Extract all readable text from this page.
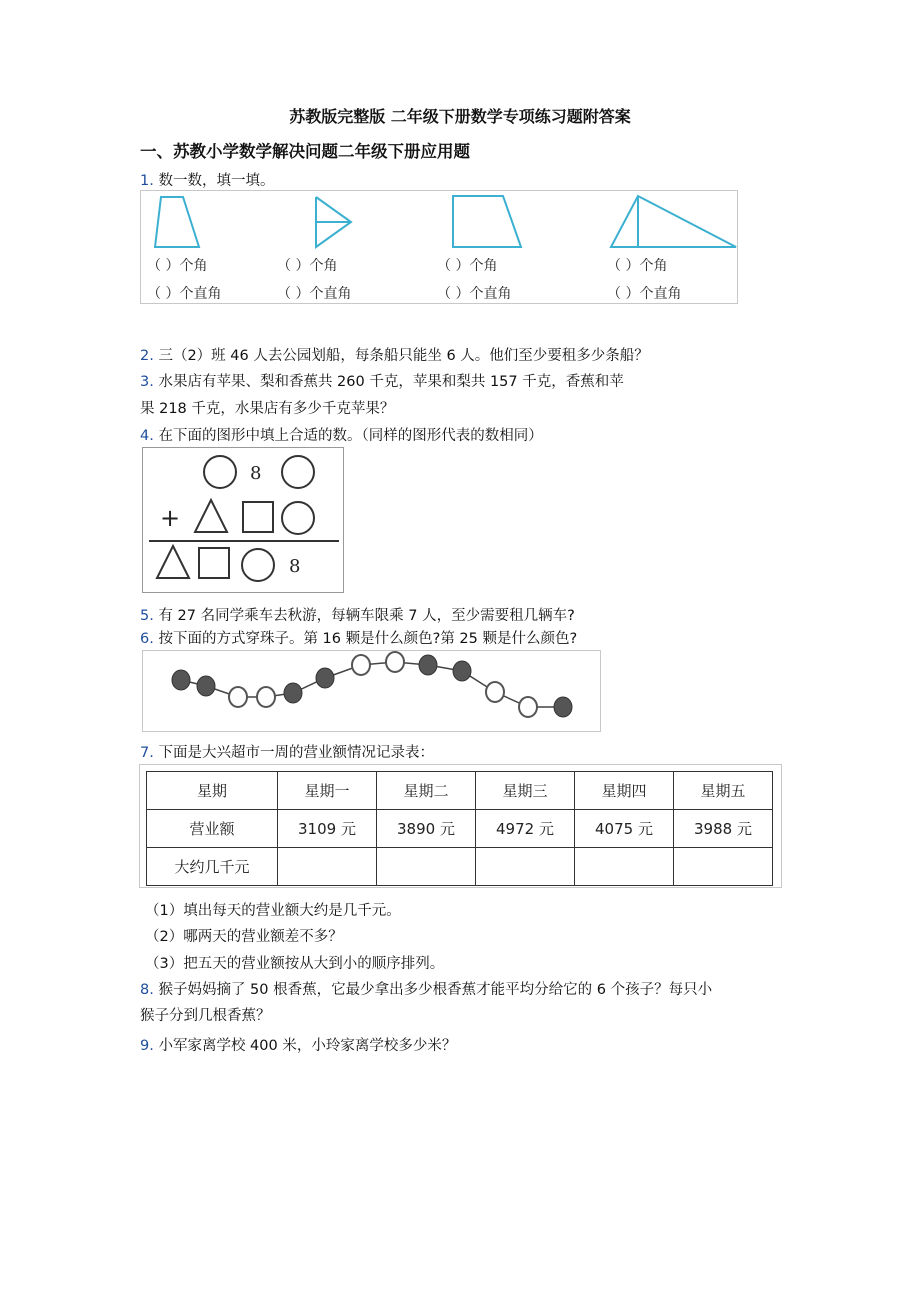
苏教版完整版 二年级下册数学专项练习题附答案
一、苏教小学数学解决问题二年级下册应用题
1. 数一数，填一填。
（ ）个角	（ ）个角	（ ）个角	（ ）个角
（ ）个直角	（ ）个直角	（ ）个直角	（ ）个直角
2. 三（2）班 46 人去公园划船，每条船只能坐 6 人。他们至少要租多少条船？
3. 水果店有苹果、梨和香蕉共 260 千克，苹果和梨共 157 千克，香蕉和苹
果 218 千克，水果店有多少千克苹果？
4. 在下面的图形中填上合适的数。（同样的图形代表的数相同）
8
+
8
5. 有 27 名同学乘车去秋游，每辆车限乘 7 人，至少需要租几辆车?
6. 按下面的方式穿珠子。第 16 颗是什么颜色?第 25 颗是什么颜色?
7. 下面是大兴超市一周的营业额情况记录表：
星期	星期一	星期二	星期三	星期四	星期五
营业额	3109 元	3890 元	4972 元	4075 元	3988 元
大约几千元					
（1）填出每天的营业额大约是几千元。
（2）哪两天的营业额差不多？
（3）把五天的营业额按从大到小的顺序排列。
8. 猴子妈妈摘了 50 根香蕉，它最少拿出多少根香蕉才能平均分给它的 6 个孩子？每只小
猴子分到几根香蕉？
9. 小军家离学校 400 米，小玲家离学校多少米？
